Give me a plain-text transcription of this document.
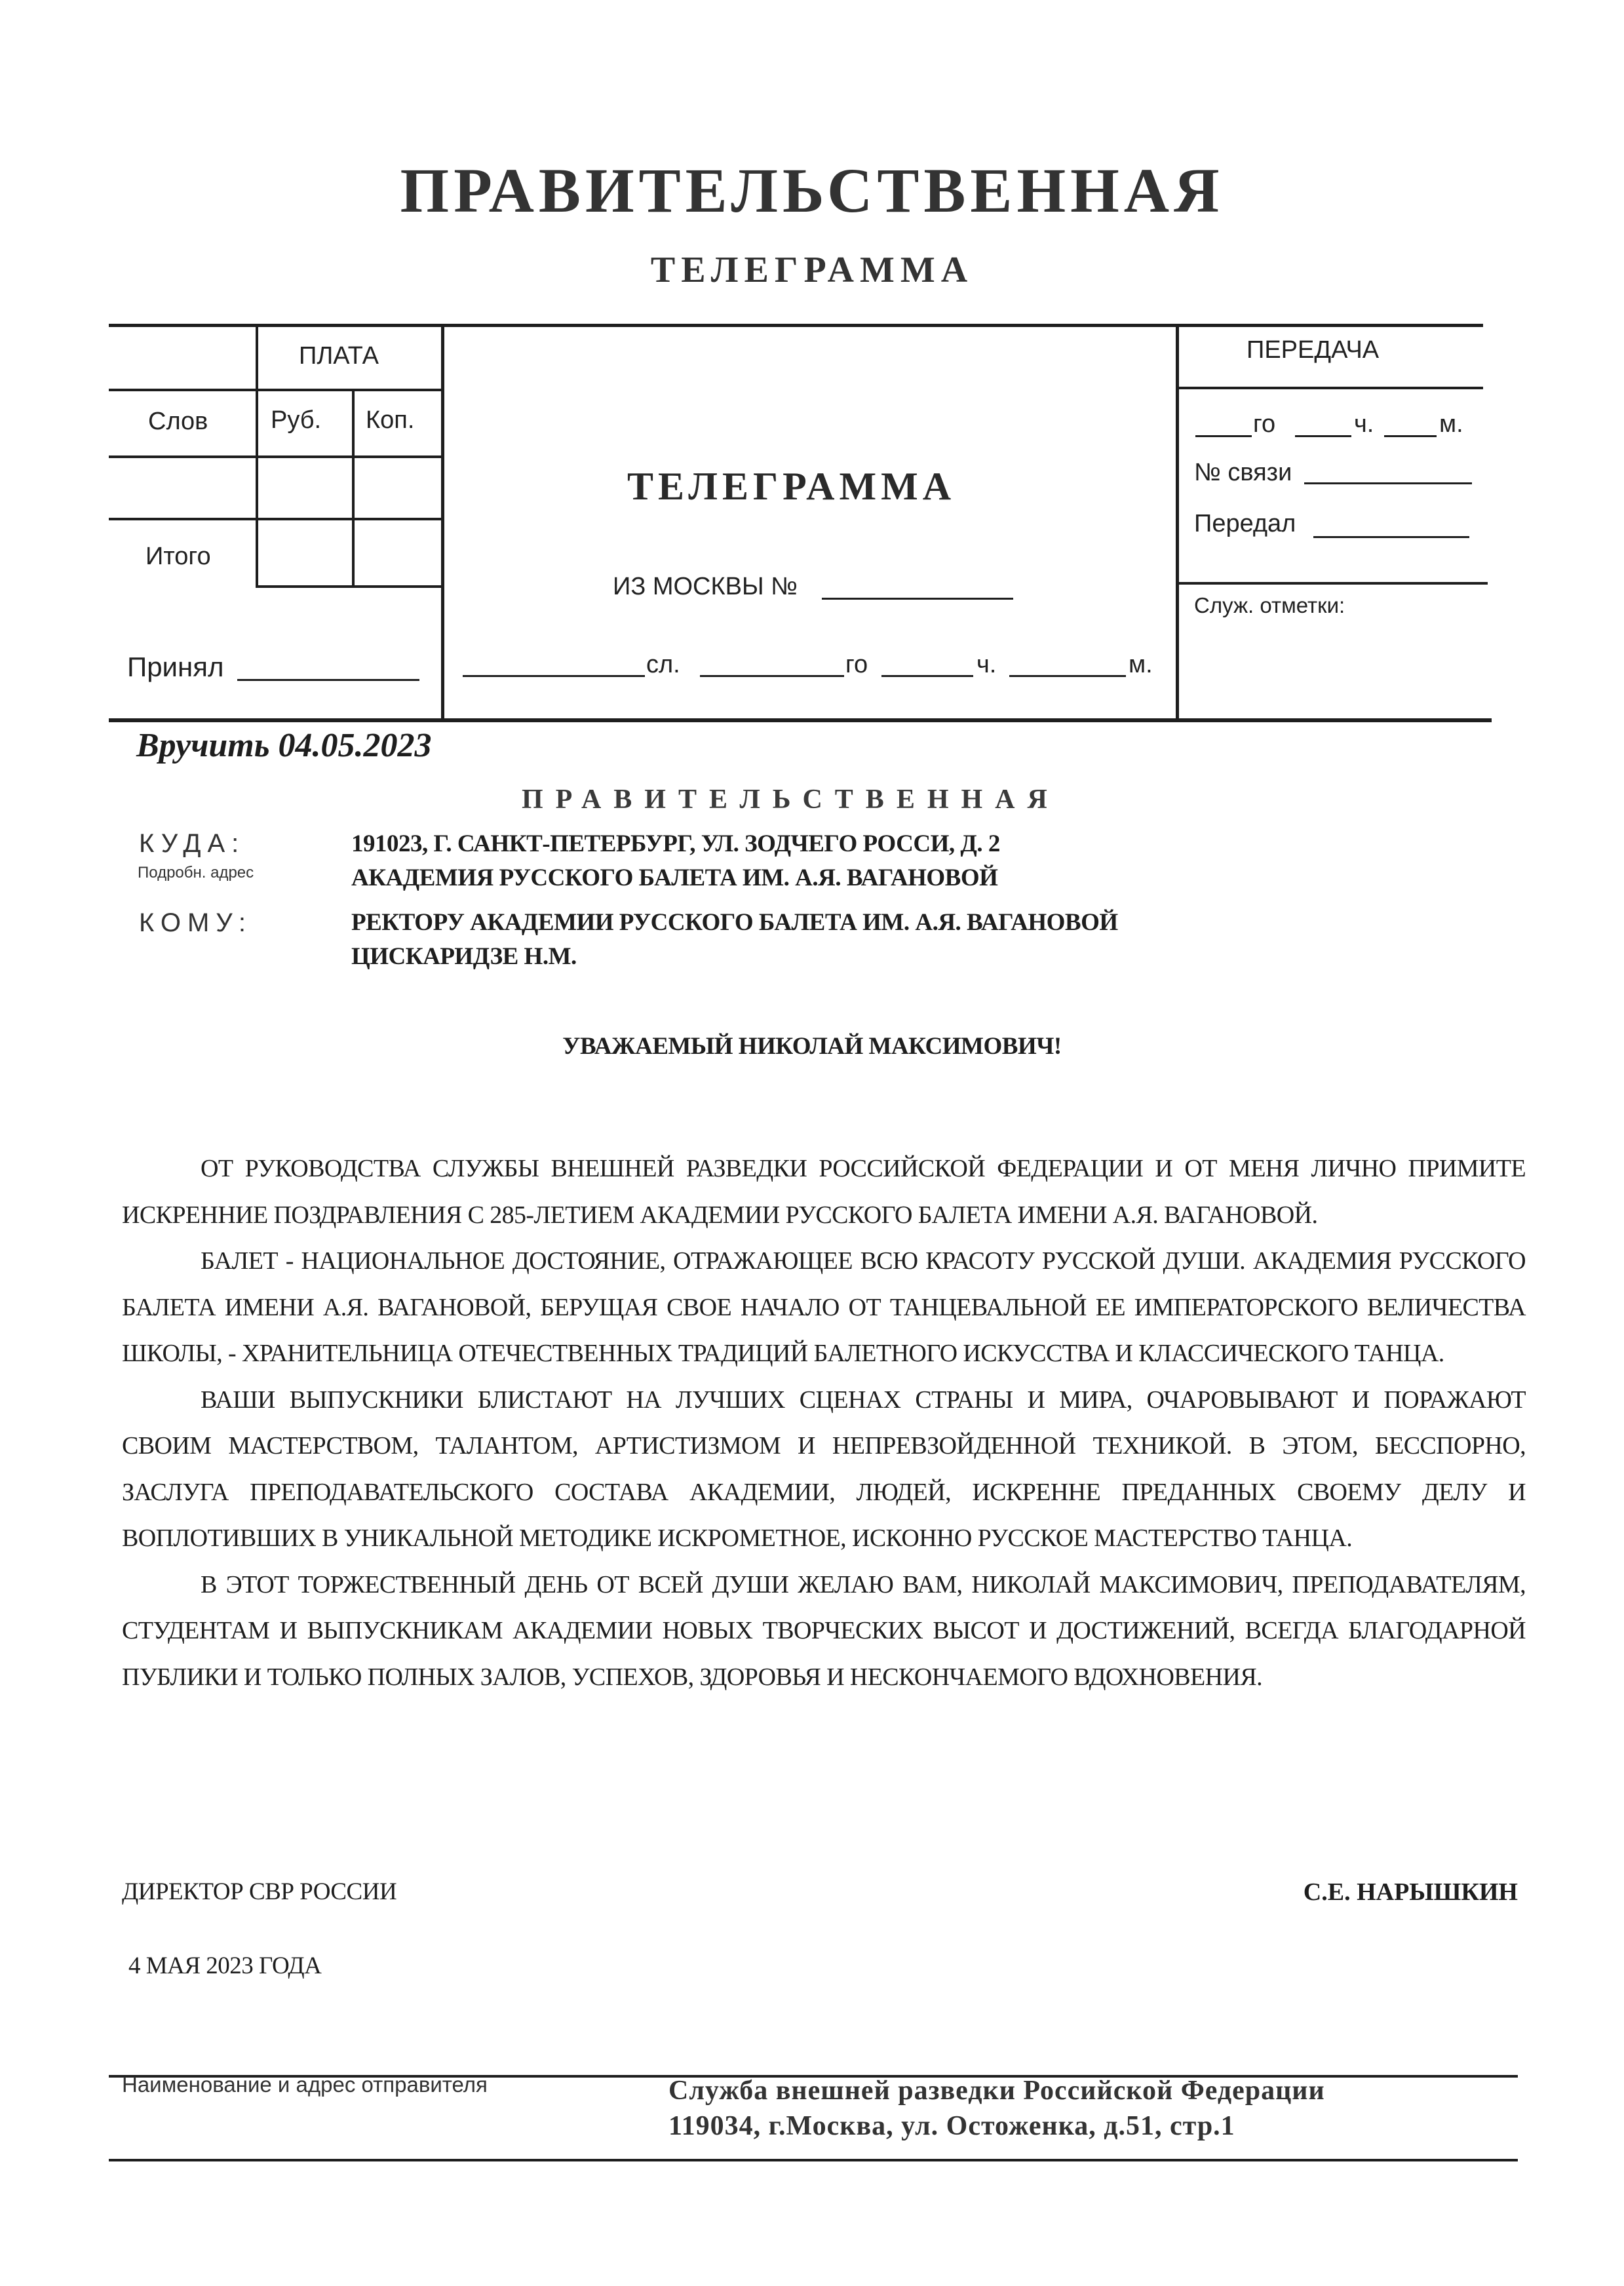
ПРАВИТЕЛЬСТВЕННАЯ
ТЕЛЕГРАММА
ПЛАТА
Слов	Руб. Коп.
Итого
Принял
ТЕЛЕГРАММА
ИЗ МОСКВЫ №
сл.	го	ч.	м.
ПЕРЕДАЧА
го	ч.	м.
№ связи
Передал
Служ. отметки:
Вручить 04.05.2023
ПРАВИТЕЛЬСТВЕННАЯ
КУДА:
Подробн. адрес
191023, Г. САНКТ-ПЕТЕРБУРГ, УЛ. ЗОДЧЕГО РОССИ, Д. 2
АКАДЕМИЯ РУССКОГО БАЛЕТА ИМ. А.Я. ВАГАНОВОЙ
КОМУ:	РЕКТОРУ АКАДЕМИИ РУССКОГО БАЛЕТА ИМ. А.Я. ВАГАНОВОЙ
ЦИСКАРИДЗЕ Н.М.
УВАЖАЕМЫЙ НИКОЛАЙ МАКСИМОВИЧ!

ОТ РУКОВОДСТВА СЛУЖБЫ ВНЕШНЕЙ РАЗВЕДКИ РОССИЙСКОЙ ФЕДЕРАЦИИ И ОТ МЕНЯ ЛИЧНО ПРИМИТЕ ИСКРЕННИЕ ПОЗДРАВЛЕНИЯ С 285-ЛЕТИЕМ АКАДЕМИИ РУССКОГО БАЛЕТА ИМЕНИ А.Я. ВАГАНОВОЙ.

БАЛЕТ - НАЦИОНАЛЬНОЕ ДОСТОЯНИЕ, ОТРАЖАЮЩЕЕ ВСЮ КРАСОТУ РУССКОЙ ДУШИ. АКАДЕМИЯ РУССКОГО БАЛЕТА ИМЕНИ А.Я. ВАГАНОВОЙ, БЕРУЩАЯ СВОЕ НАЧАЛО ОТ ТАНЦЕВАЛЬНОЙ ЕЕ ИМПЕРАТОРСКОГО ВЕЛИЧЕСТВА ШКОЛЫ, - ХРАНИТЕЛЬНИЦА ОТЕЧЕСТВЕННЫХ ТРАДИЦИЙ БАЛЕТНОГО ИСКУССТВА И КЛАССИЧЕСКОГО ТАНЦА.

ВАШИ ВЫПУСКНИКИ БЛИСТАЮТ НА ЛУЧШИХ СЦЕНАХ СТРАНЫ И МИРА, ОЧАРОВЫВАЮТ И ПОРАЖАЮТ СВОИМ МАСТЕРСТВОМ, ТАЛАНТОМ, АРТИСТИЗМОМ И НЕПРЕВЗОЙДЕННОЙ ТЕХНИКОЙ. В ЭТОМ, БЕССПОРНО, ЗАСЛУГА ПРЕПОДАВАТЕЛЬСКОГО СОСТАВА АКАДЕМИИ, ЛЮДЕЙ, ИСКРЕННЕ ПРЕДАННЫХ СВОЕМУ ДЕЛУ И ВОПЛОТИВШИХ В УНИКАЛЬНОЙ МЕТОДИКЕ ИСКРОМЕТНОЕ, ИСКОННО РУССКОЕ МАСТЕРСТВО ТАНЦА.

В ЭТОТ ТОРЖЕСТВЕННЫЙ ДЕНЬ ОТ ВСЕЙ ДУШИ ЖЕЛАЮ ВАМ, НИКОЛАЙ МАКСИМОВИЧ, ПРЕПОДАВАТЕЛЯМ, СТУДЕНТАМ И ВЫПУСКНИКАМ АКАДЕМИИ НОВЫХ ТВОРЧЕСКИХ ВЫСОТ И ДОСТИЖЕНИЙ, ВСЕГДА БЛАГОДАРНОЙ ПУБЛИКИ И ТОЛЬКО ПОЛНЫХ ЗАЛОВ, УСПЕХОВ, ЗДОРОВЬЯ И НЕСКОНЧАЕМОГО ВДОХНОВЕНИЯ.

ДИРЕКТОР СВР РОССИИ	С.Е. НАРЫШКИН
4 МАЯ 2023 ГОДА
Наименование и адрес отправителя	Служба внешней разведки Российской Федерации
119034, г.Москва, ул. Остоженка, д.51, стр.1
